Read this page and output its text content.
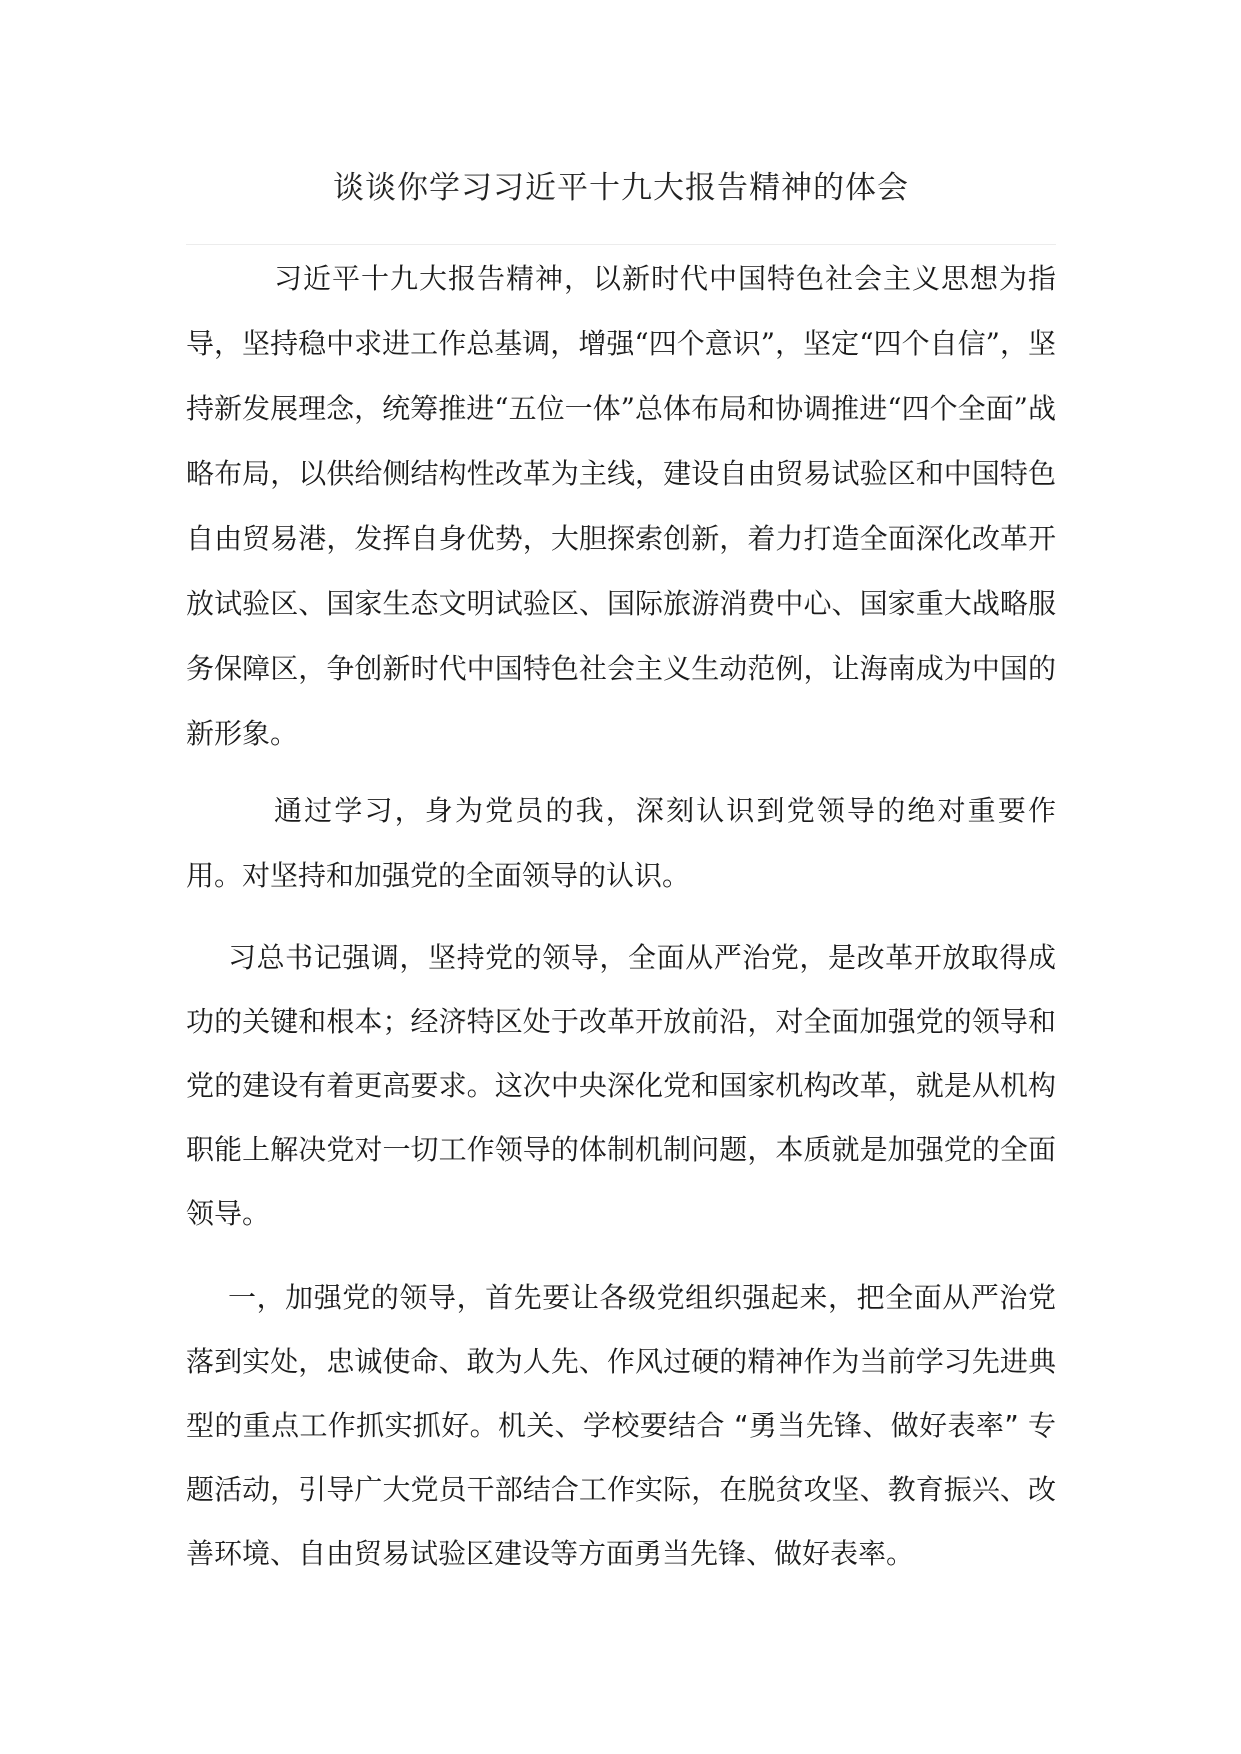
谈谈你学习习近平十九大报告精神的体会
习近平十九大报告精神，以新时代中国特色社会主义思想为指导，坚持稳中求进工作总基调，增强“四个意识”，坚定“四个自信”，坚持新发展理念，统筹推进“五位一体”总体布局和协调推进“四个全面”战略布局，以供给侧结构性改革为主线，建设自由贸易试验区和中国特色自由贸易港，发挥自身优势，大胆探索创新，着力打造全面深化改革开放试验区、国家生态文明试验区、国际旅游消费中心、国家重大战略服务保障区，争创新时代中国特色社会主义生动范例，让海南成为中国的新形象。
通过学习，身为党员的我，深刻认识到党领导的绝对重要作用。对坚持和加强党的全面领导的认识。
习总书记强调，坚持党的领导，全面从严治党，是改革开放取得成功的关键和根本；经济特区处于改革开放前沿，对全面加强党的领导和党的建设有着更高要求。这次中央深化党和国家机构改革，就是从机构职能上解决党对一切工作领导的体制机制问题，本质就是加强党的全面领导。
一，加强党的领导，首先要让各级党组织强起来，把全面从严治党落到实处，忠诚使命、敢为人先、作风过硬的精神作为当前学习先进典型的重点工作抓实抓好。机关、学校要结合 “勇当先锋、做好表率” 专题活动，引导广大党员干部结合工作实际，在脱贫攻坚、教育振兴、改善环境、自由贸易试验区建设等方面勇当先锋、做好表率。
